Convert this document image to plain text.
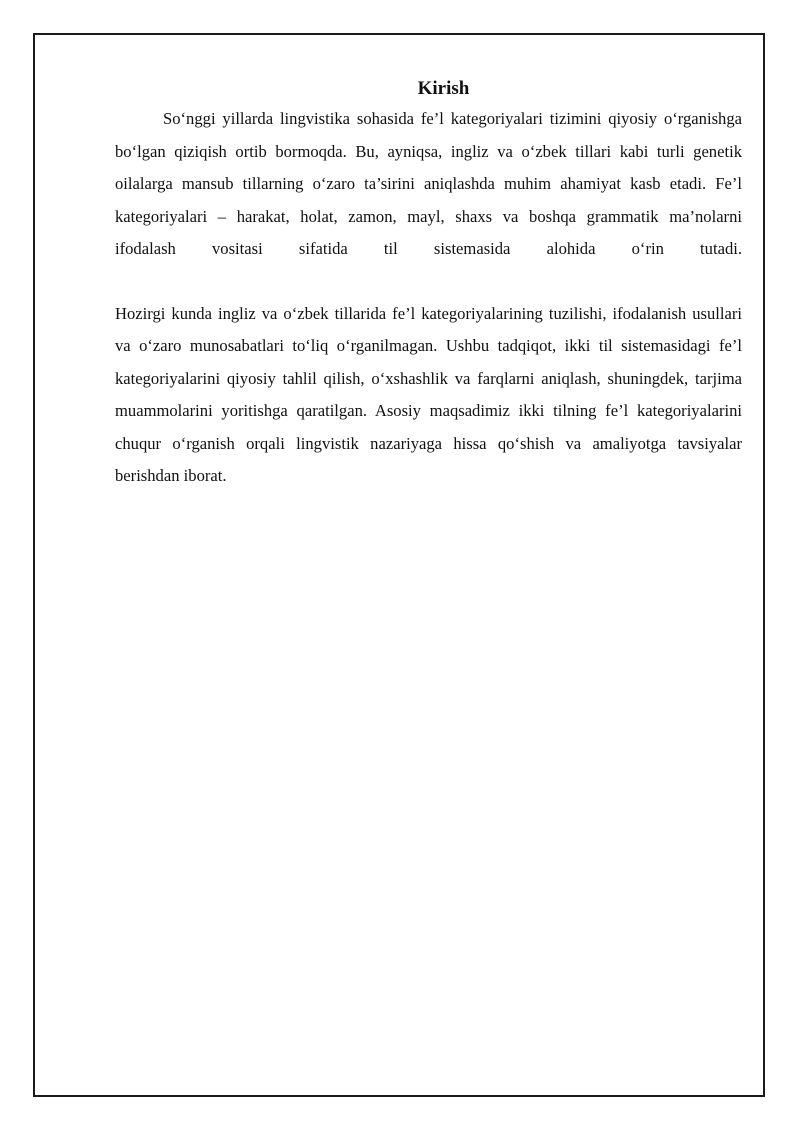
Kirish

So‘nggi yillarda lingvistika sohasida fe’l kategoriyalari tizimini qiyosiy o‘rganishga bo‘lgan qiziqish ortib bormoqda. Bu, ayniqsa, ingliz va o‘zbek tillari kabi turli genetik oilalarga mansub tillarning o‘zaro ta’sirini aniqlashda muhim ahamiyat kasb etadi. Fe’l kategoriyalari – harakat, holat, zamon, mayl, shaxs va boshqa grammatik ma’nolarni ifodalash vositasi sifatida til sistemasida alohida o‘rin tutadi.

Hozirgi kunda ingliz va o‘zbek tillarida fe’l kategoriyalarining tuzilishi, ifodalanish usullari va o‘zaro munosabatlari to‘liq o‘rganilmagan. Ushbu tadqiqot, ikki til sistemasidagi fe’l kategoriyalarini qiyosiy tahlil qilish, o‘xshashlik va farqlarni aniqlash, shuningdek, tarjima muammolarini yoritishga qaratilgan. Asosiy maqsadimiz ikki tilning fe’l kategoriyalarini chuqur o‘rganish orqali lingvistik nazariyaga hissa qo‘shish va amaliyotga tavsiyalar berishdan iborat.
